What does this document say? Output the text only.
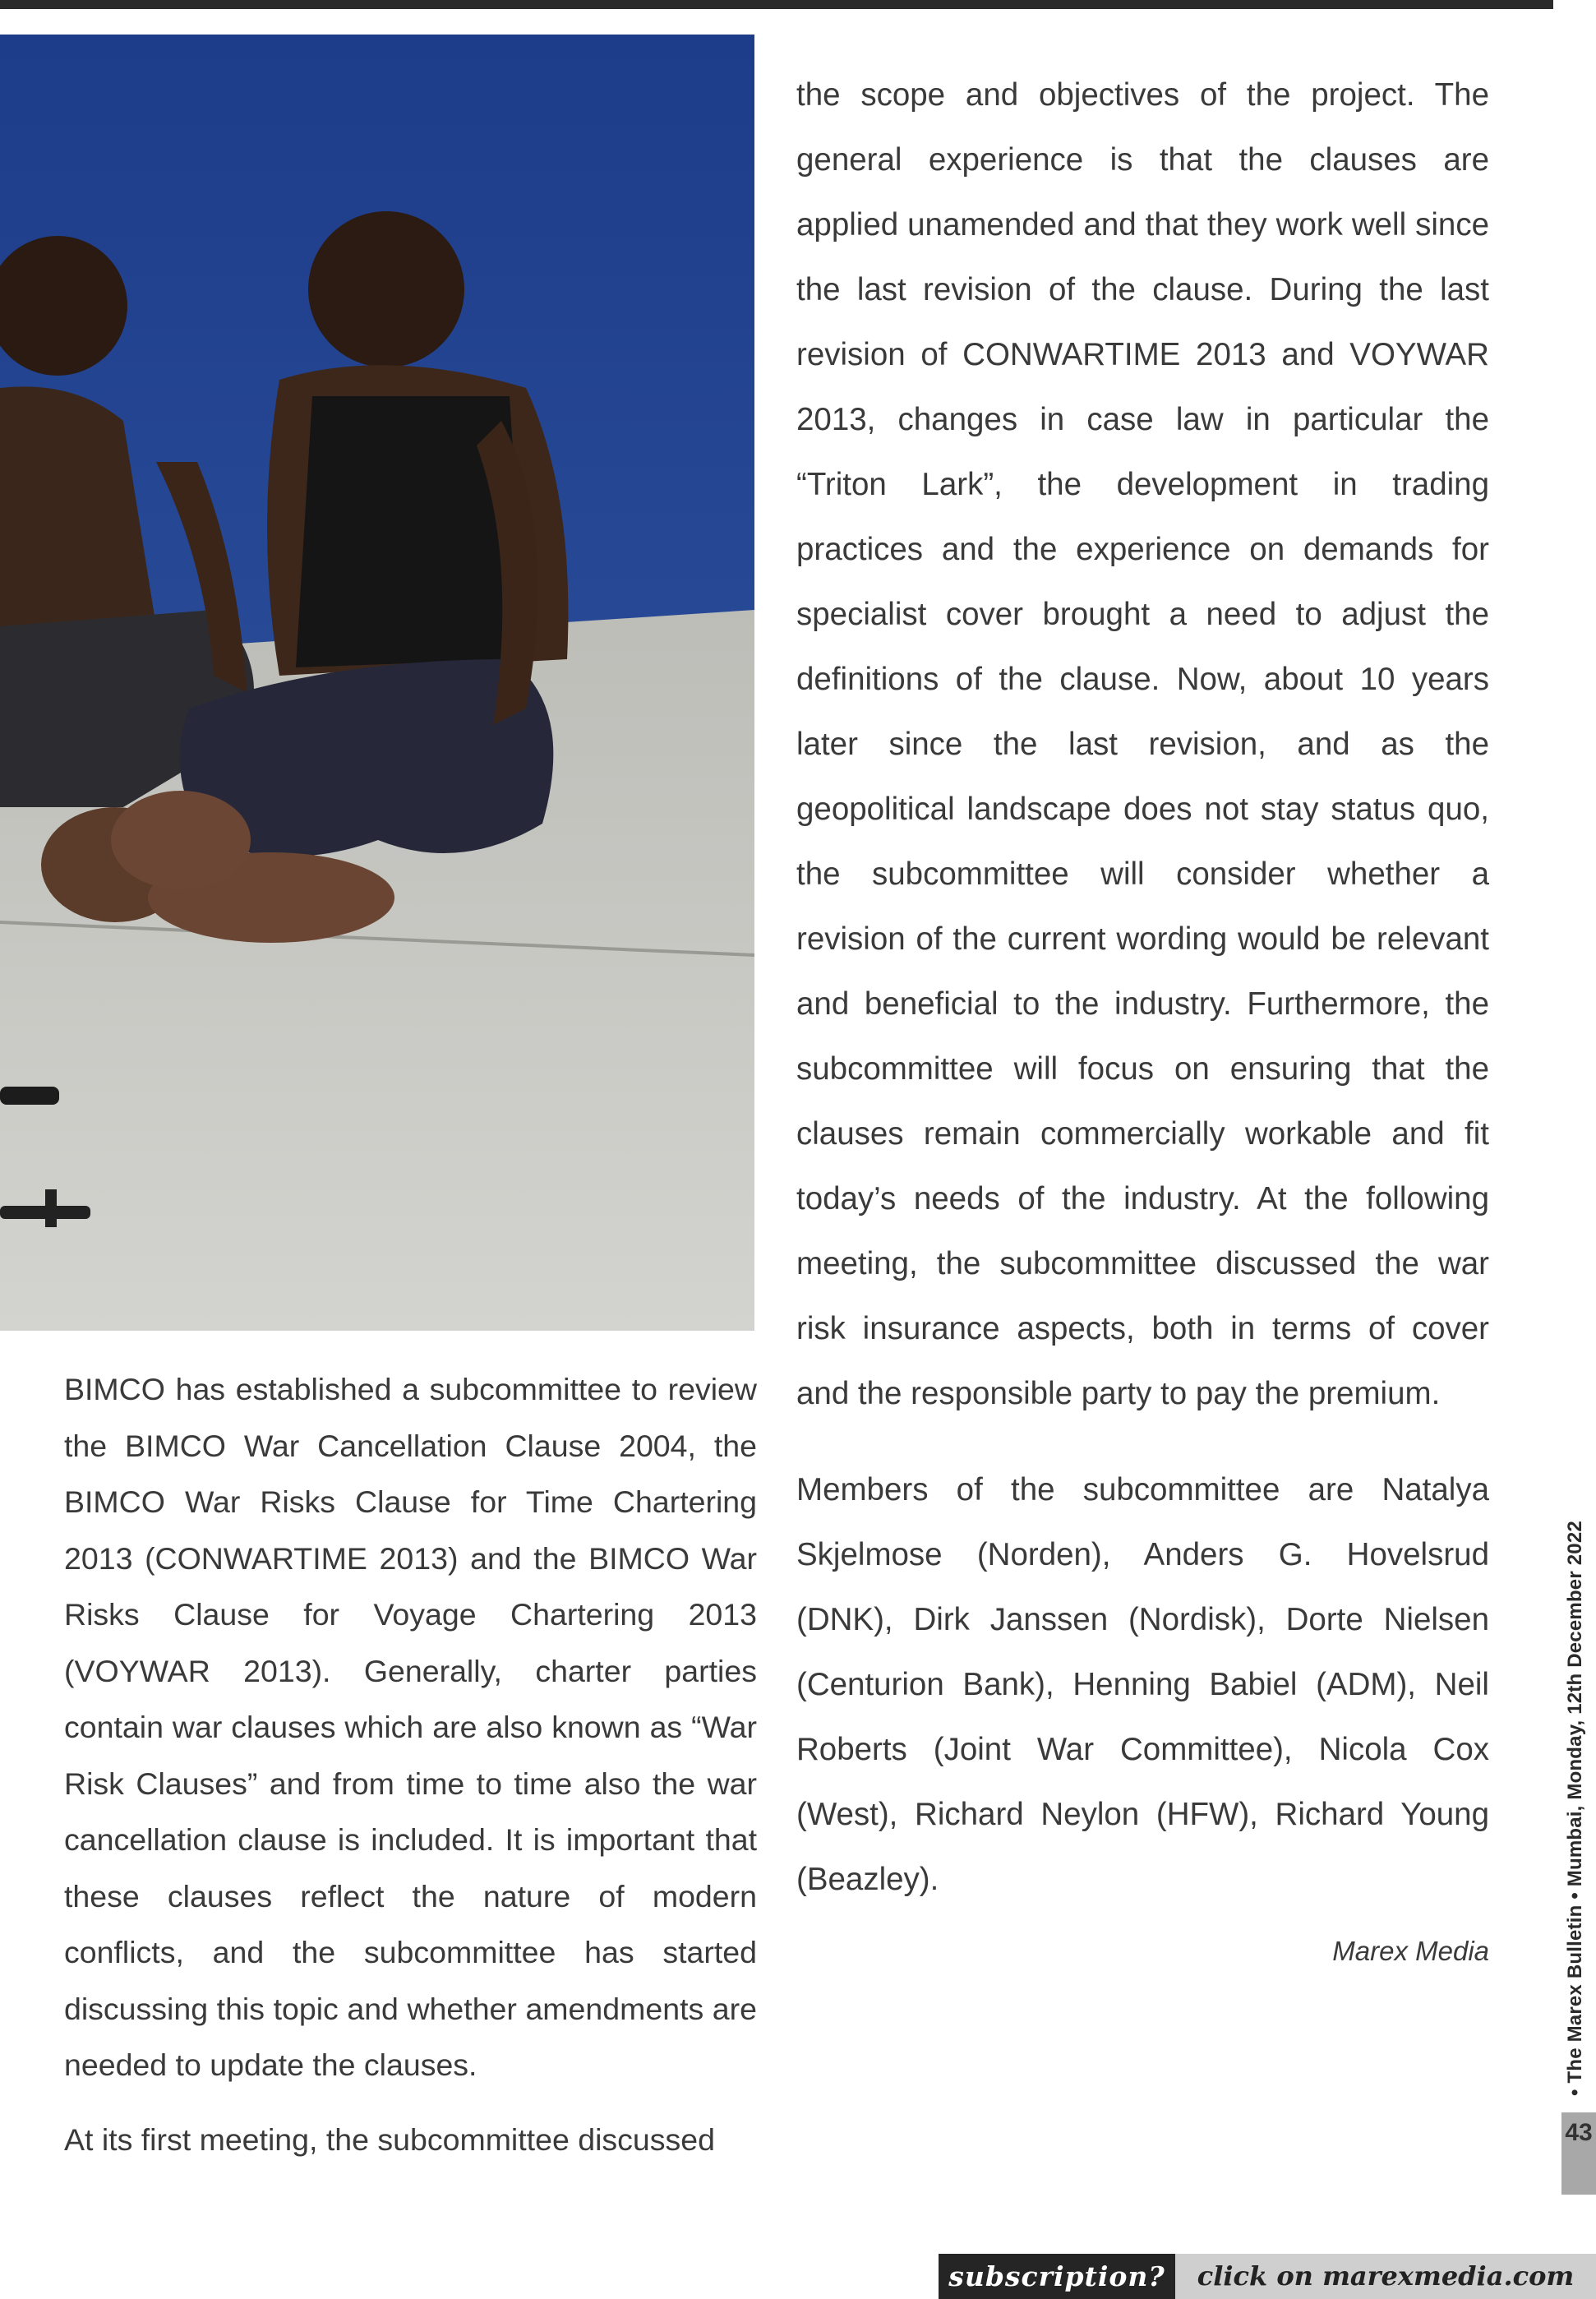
BIMCO has established a subcommittee to review the BIMCO War Cancellation Clause 2004, the BIMCO War Risks Clause for Time Chartering 2013 (CONWARTIME 2013) and the BIMCO War Risks Clause for Voyage Chartering 2013 (VOYWAR 2013). Generally, charter parties contain war clauses which are also known as “War Risk Clauses” and from time to time also the war cancellation clause is included. It is important that these clauses reflect the nature of modern conflicts, and the subcommittee has started discussing this topic and whether amendments are needed to update the clauses.

At its first meeting, the subcommittee discussed

the scope and objectives of the project. The general experience is that the clauses are applied unamended and that they work well since the last revision of the clause. During the last revision of CONWARTIME 2013 and VOYWAR 2013, changes in case law in particular the “Triton Lark”, the development in trading practices and the experience on demands for specialist cover brought a need to adjust the definitions of the clause. Now, about 10 years later since the last revision, and as the geopolitical landscape does not stay status quo, the subcommittee will consider whether a revision of the current wording would be relevant and beneficial to the industry. Furthermore, the subcommittee will focus on ensuring that the clauses remain commercially workable and fit today’s needs of the industry. At the following meeting, the subcommittee discussed the war risk insurance aspects, both in terms of cover and the responsible party to pay the premium.

Members of the subcommittee are Natalya Skjelmose (Norden), Anders G. Hovelsrud (DNK), Dirk Janssen (Nordisk), Dorte Nielsen (Centurion Bank), Henning Babiel (ADM), Neil Roberts (Joint War Committee), Nicola Cox (West), Richard Neylon (HFW), Richard Young (Beazley).

Marex Media	• The Marex Bulletin • Mumbai, Monday, 12th December 2022
43
subscription?	click on marexmedia.com
